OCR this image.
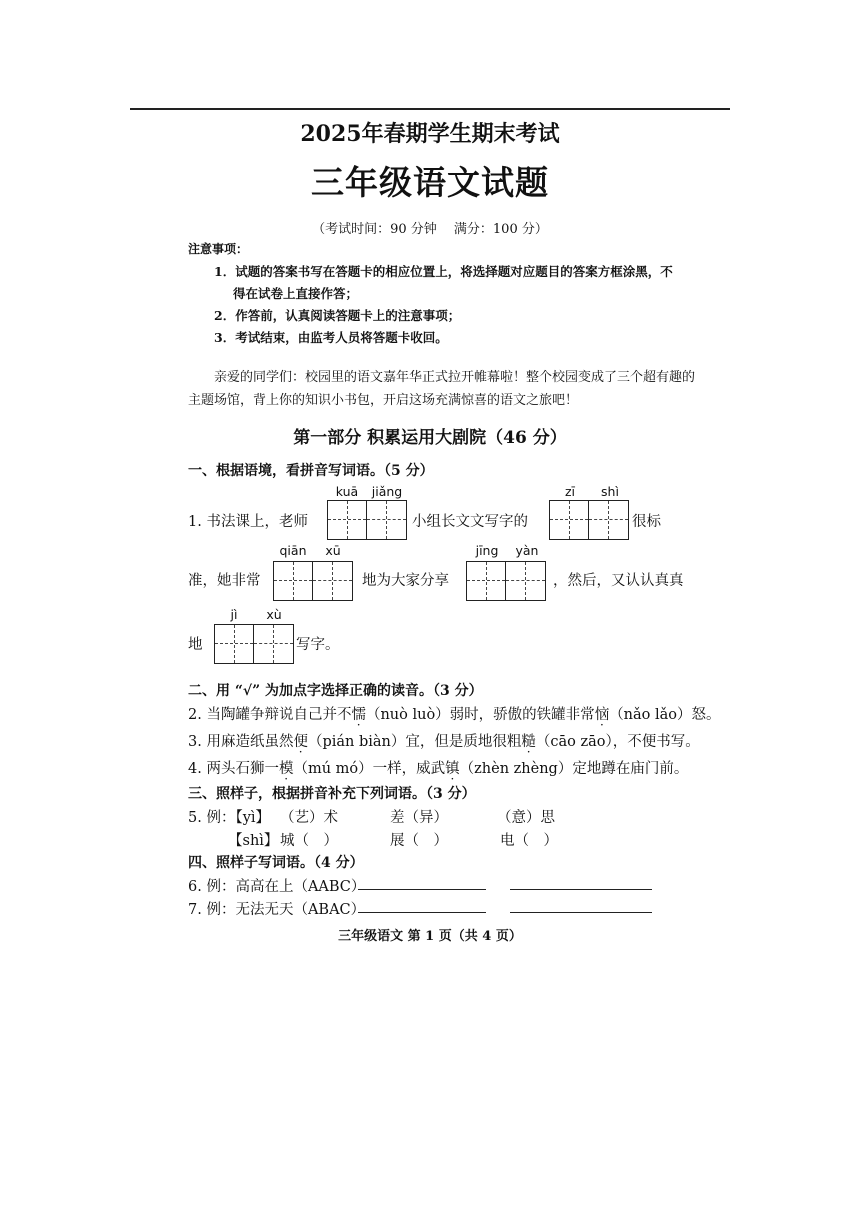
2025年春期学生期末考试
三年级语文试题
（考试时间：90 分钟　 满分：100 分）
注意事项：
1．试题的答案书写在答题卡的相应位置上，将选择题对应题目的答案方框涂黑，不
得在试卷上直接作答；
2．作答前，认真阅读答题卡上的注意事项；
3．考试结束，由监考人员将答题卡收回。
亲爱的同学们：校园里的语文嘉年华正式拉开帷幕啦！整个校园变成了三个超有趣的
主题场馆，背上你的知识小书包，开启这场充满惊喜的语文之旅吧！
第一部分 积累运用大剧院（46 分）
一、根据语境，看拼音写词语。（5 分）
kuā	jiǎng	zī	shì
1. 书法课上，老师	小组长文文写字的	很标
qiān	xū	jīng	yàn
准，她非常	地为大家分享	，然后，又认认真真
jì	xù
地	写字。
二、用 “√” 为加点字选择正确的读音。（3 分）
2. 当陶罐争辩说自己并不懦（nuò luò）弱时，骄傲的铁罐非常恼（nǎo lǎo）怒。
3. 用麻造纸虽然便（pián biàn）宜，但是质地很粗糙（cāo zāo），不便书写。
4. 两头石狮一模（mú mó）一样，威武镇（zhèn zhèng）定地蹲在庙门前。
三、照样子，根据拼音补充下列词语。（3 分）
5. 例：【yì】 （艺）术	差（异）	（意）思
【shì】 城（　）	展（　）	电（　）
四、照样子写词语。（4 分）
6. 例：高高在上（AABC）
7. 例：无法无天（ABAC）
三年级语文 第 1 页（共 4 页）
